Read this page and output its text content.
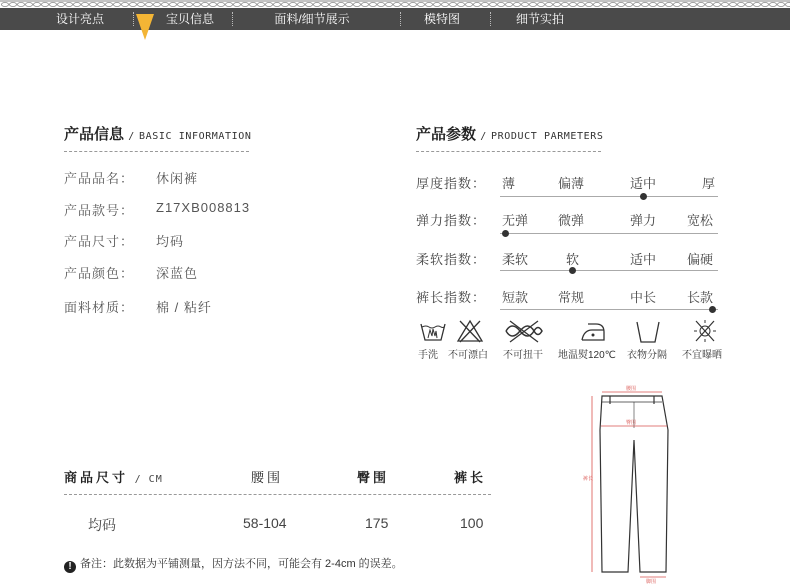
设计亮点	宝贝信息	面料/细节展示	模特图	细节实拍
产品信息 / BASIC INFORMATION
产品品名： 休闲裤
产品款号： Z17XB008813
产品尺寸： 均码
产品颜色： 深蓝色
面料材质： 棉 / 粘纤
产品参数 / PRODUCT PARMETERS
厚度指数： 薄	偏薄	适中	厚
弹力指数： 无弹	微弹	弹力	宽松
柔软指数： 柔软	软	适中	偏硬
裤长指数： 短款	常规	中长	长款
手洗 不可漂白 不可扭干 地温熨120℃ 衣物分隔 不宜曝晒
商品尺寸 / CM	腰围	臀围	裤长
均码	58-104	175	100
! 备注：此数据为平铺测量，因方法不同，可能会有 2-4cm 的误差。
腰围
臀围
裤长
脚围
